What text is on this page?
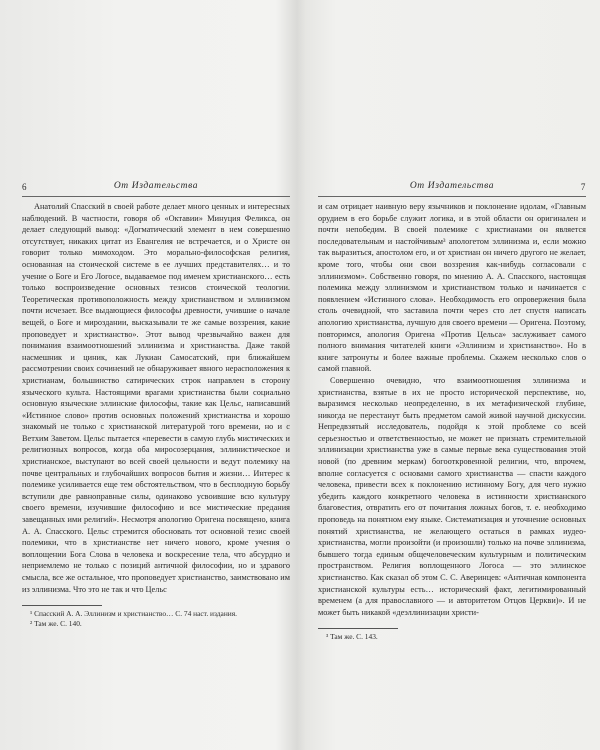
6	От Издательства

Анатолий Спасский в своей работе делает много ценных и интересных наблюдений. В частности, говоря об «Октавии» Минуция Феликса, он делает следующий вывод: «Догматический элемент в нем совершенно отсутствует, никаких цитат из Евангелия не встречается, и о Христе он говорит только мимоходом. Это морально-философская религия, основанная на стоической системе в ее лучших представителях… и то учение о Боге и Его Логосе, выдаваемое под именем христианского… есть только воспроизведение основных тезисов стоической теологии. Теоретическая противоположность между христианством и эллинизмом почти исчезает. Все выдающиеся философы древности, учившие о начале вещей, о Боге и мироздании, высказывали те же самые воззрения, какие проповедует и христианство». Этот вывод чрезвычайно важен для понимания взаимоотношений эллинизма и христианства. Даже такой насмешник и циник, как Лукиан Самосатский, при ближайшем рассмотрении своих сочинений не обнаруживает явного нерасположения к христианам, большинство сатирических строк направлен в сторону языческого культа. Настоящими врагами христианства были социально основную языческие эллинские философы, такие как Цельс, написавший «Истинное слово» против основных положений христианства и хорошо знакомый не только с христианской литературой того времени, но и с Ветхим Заветом. Цельс пытается «перевести в самую глубь мистических и религиозных вопросов, когда оба миросозерцания, эллинистическое и христианское, выступают во всей своей цельности и ведут полемику на почве центральных и глубочайших вопросов бытия и жизни… Интерес к полемике усиливается еще тем обстоятельством, что в бесплодную борьбу вступили две равноправные силы, одинаково усвоившие всю культуру своего времени, изучившие философию и все мистические предания завещанных ими религий». Несмотря апологию Оригена посвящено, книга А. А. Спасского. Цельс стремится обосновать тот основной тезис своей полемики, что в христианстве нет ничего нового, кроме учения о воплощении Бога Слова в человека и воскресение тела, что абсурдно и неприемлемо не только с позиций античной философии, но и здравого смысла, все же остальное, что проповедует христианство, заимствовано им из эллинизма. Что это не так и что Цельс

¹ Спасский А. А. Эллинизм и христианство… С. 74 наст. издания.
² Там же. С. 140.
От Издательства	7

и сам отрицает наивную веру язычников и поклонение идолам, «Главным орудием в его борьбе служит логика, и в этой области он оригинален и почти непобедим. В своей полемике с христианами он является последовательным и настойчивым³ апологетом эллинизма и, если можно так выразиться, апостолом его, и от христиан он ничего другого не желает, кроме того, чтобы они свои воззрения как-нибудь согласовали с эллинизмом». Собственно говоря, по мнению А. А. Спасского, настоящая полемика между эллинизмом и христианством только и начинается с появлением «Истинного слова». Необходимость его опровержения была столь очевидной, что заставила почти через сто лет спустя написать апологию христианства, лучшую для своего времени — Оригена. Поэтому, повторимся, апология Оригена «Против Цельса» заслуживает самого полного внимания читателей книги «Эллинизм и христианство». Но в книге затронуты и более важные проблемы. Скажем несколько слов о самой главной.

Совершенно очевидно, что взаимоотношения эллинизма и христианства, взятые в их не просто исторической перспективе, но, выразимся несколько неопределенно, в их метафизической глубине, никогда не перестанут быть предметом самой живой научной дискуссии. Непредвзятый исследователь, подойдя к этой проблеме со всей серьезностью и ответственностью, не может не признать стремительной эллинизации христианства уже в самые первые века существования этой новой (по древним меркам) богооткровенной религии, что, впрочем, вполне согласуется с основами самого христианства — спасти каждого человека, привести всех к поклонению истинному Богу, для чего нужно убедить каждого конкретного человека в истинности христианского благовестия, отвратить его от почитания ложных богов, т. е. необходимо проповедь на понятном ему языке. Систематизация и уточнение основных понятий христианства, не желающего остаться в рамках иудео-христианства, могли произойти (и произошли) только на почве эллинизма, бывшего тогда единым общечеловеческим культурным и политическим пространством. Религия воплощенного Логоса — это эллинское христианство. Как сказал об этом С. С. Аверинцев: «Античная компонента христианской культуры есть… исторический факт, легитимированный временем (а для православного — и авторитетом Отцов Церкви)». И не может быть никакой «деэллинизации христи-

³ Там же. С. 143.
